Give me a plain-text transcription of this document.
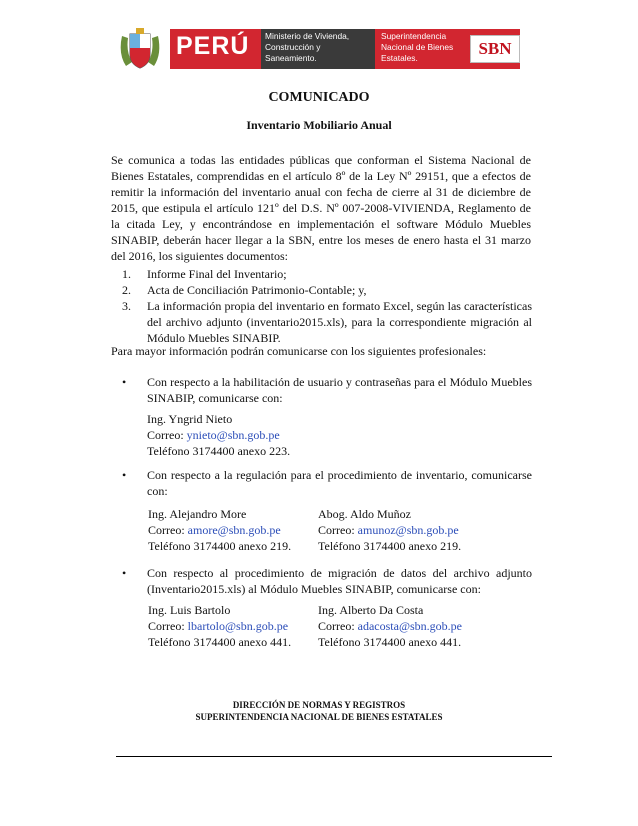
PERÚ Ministerio de Vivienda,
Construcción y
Saneamiento.
Superintendencia
Nacional de Bienes
Estatales.	SBN
COMUNICADO
Inventario Mobiliario Anual

Se comunica a todas las entidades públicas que conforman el Sistema Nacional de Bienes Estatales, comprendidas en el artículo 8º de la Ley Nº 29151, que a efectos de remitir la información del inventario anual con fecha de cierre al 31 de diciembre de 2015, que estipula el artículo 121º del D.S. Nº 007-2008-VIVIENDA, Reglamento de la citada Ley, y encontrándose en implementación el software Módulo Muebles SINABIP, deberán hacer llegar a la SBN, entre los meses de enero hasta el 31 marzo del 2016, los siguientes documentos:

1. Informe Final del Inventario;
2. Acta de Conciliación Patrimonio-Contable; y,
3. La información propia del inventario en formato Excel, según las características del archivo adjunto (inventario2015.xls), para la correspondiente migración al Módulo Muebles SINABIP.
Para mayor información podrán comunicarse con los siguientes profesionales:
•	Con respecto a la habilitación de usuario y contraseñas para el Módulo Muebles SINABIP, comunicarse con:
Ing. Yngrid Nieto
Correo: ynieto@sbn.gob.pe
Teléfono 3174400 anexo 223.
•	Con respecto a la regulación para el procedimiento de inventario, comunicarse con:
Ing. Alejandro More
Correo: amore@sbn.gob.pe
Teléfono 3174400 anexo 219.
Abog. Aldo Muñoz
Correo: amunoz@sbn.gob.pe
Teléfono 3174400 anexo 219.
•	Con respecto al procedimiento de migración de datos del archivo adjunto (Inventario2015.xls) al Módulo Muebles SINABIP, comunicarse con:
Ing. Luis Bartolo
Correo: lbartolo@sbn.gob.pe
Teléfono 3174400 anexo 441.
Ing. Alberto Da Costa
Correo: adacosta@sbn.gob.pe
Teléfono 3174400 anexo 441.
DIRECCIÓN DE NORMAS Y REGISTROS
SUPERINTENDENCIA NACIONAL DE BIENES ESTATALES
